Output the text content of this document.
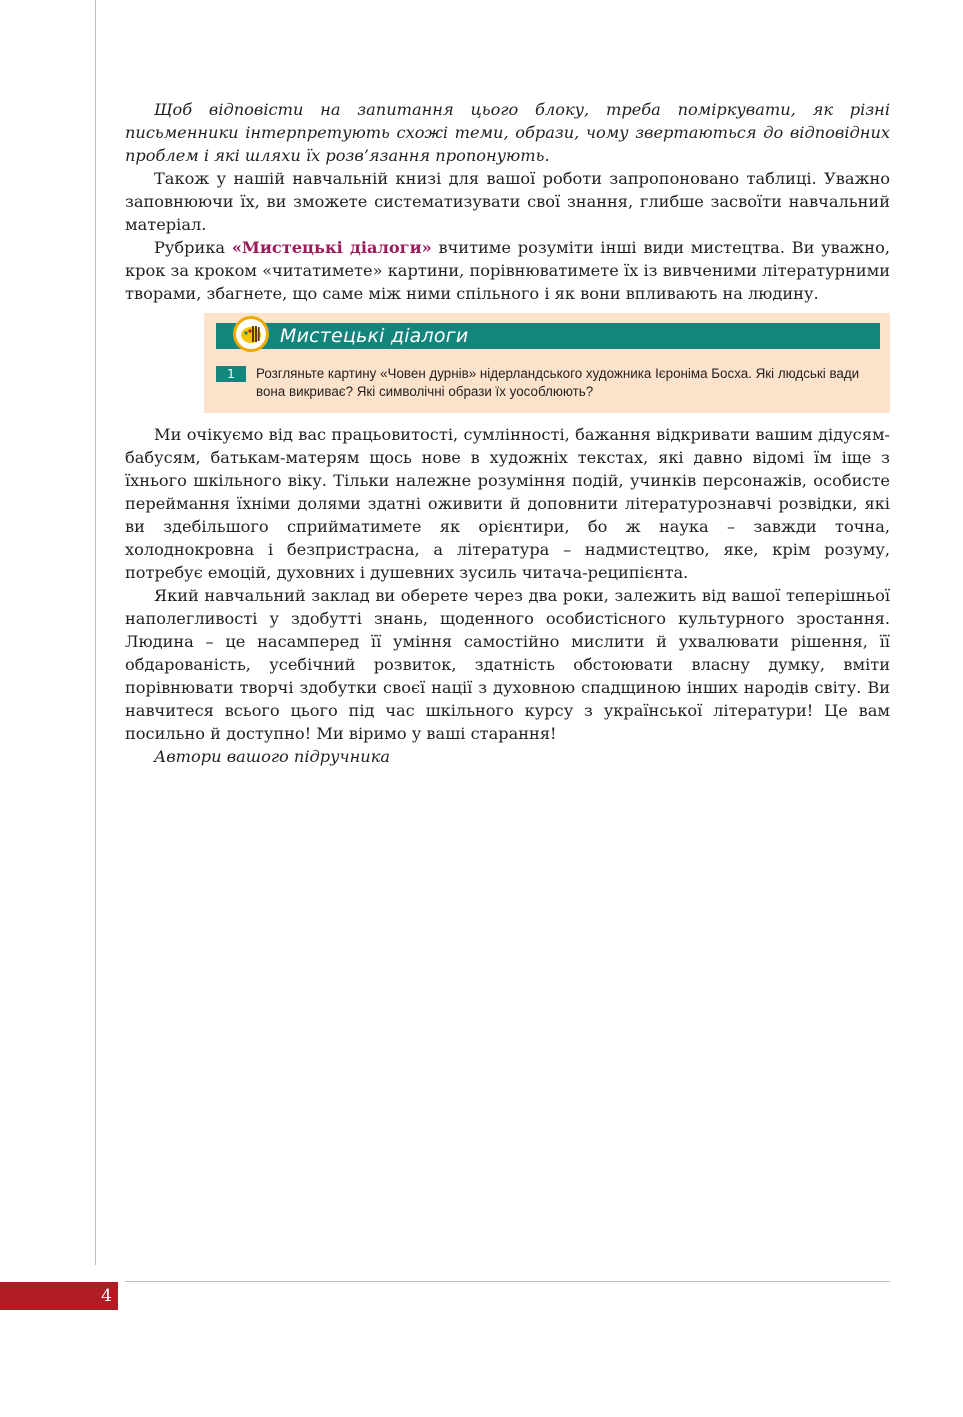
Щоб відповісти на запитання цього блоку, треба поміркувати, як різні письменники інтерпретують схожі теми, образи, чому звертаються до відповідних проблем і які шляхи їх розв’язання пропонують.

Також у нашій навчальній книзі для вашої роботи запропоновано таблиці. Уважно заповнюючи їх, ви зможете систематизувати свої знання, глибше засвоїти навчальний матеріал.

Рубрика «Мистецькі діалоги» вчитиме розуміти інші види мистецтва. Ви уважно, крок за кроком «читатимете» картини, порівнюватимете їх із вивченими літературними творами, збагнете, що саме між ними спільного і як вони впливають на людину.

Мистецькі діалоги
1	Розгляньте картину «Човен дурнів» нідерландського художника Ієроніма Босха. Які людські вади вона викриває? Які символічні образи їх уособлюють?

Ми очікуємо від вас працьовитості, сумлінності, бажання відкривати вашим дідусям-бабусям, батькам-матерям щось нове в художніх текстах, які давно відомі їм іще з їхнього шкільного віку. Тільки належне розуміння подій, учинків персонажів, особисте переймання їхніми долями здатні оживити й доповнити літературознавчі розвідки, які ви здебільшого сприйматимете як орієнтири, бо ж наука – завжди точна, холоднокровна і безпристрасна, а література – надмистецтво, яке, крім розуму, потребує емоцій, духовних і душевних зусиль читача-реципієнта.

Який навчальний заклад ви оберете через два роки, залежить від вашої теперішньої наполегливості у здобутті знань, щоденного особистісного культурного зростання. Людина – це насамперед її уміння самостійно мислити й ухвалювати рішення, її обдарованість, усебічний розвиток, здатність обстоювати власну думку, вміти порівнювати творчі здобутки своєї нації з духовною спадщиною інших народів світу. Ви навчитеся всього цього під час шкільного курсу з української літератури! Це вам посильно й доступно! Ми віримо у ваші старання!

Автори вашого підручника

4
